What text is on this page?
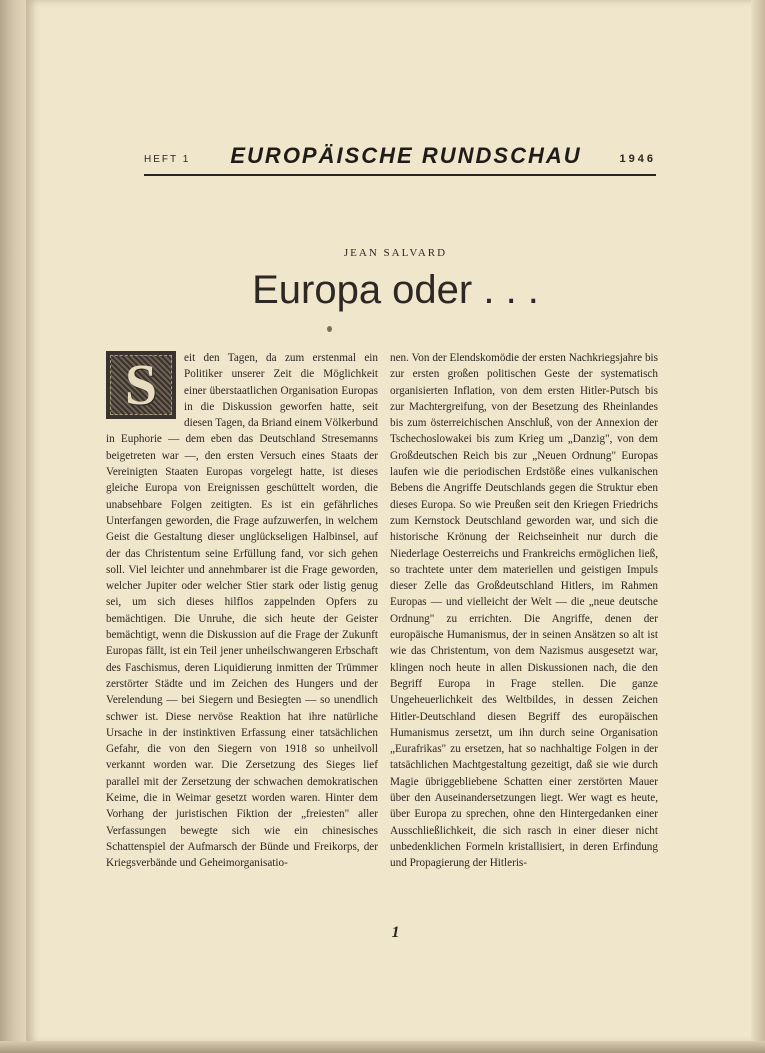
HEFT 1	EUROPÄISCHE RUNDSCHAU	1946
JEAN SALVARD
Europa oder . . .
S eit den Tagen, da zum erstenmal ein Politiker unserer Zeit die Möglichkeit einer überstaatlichen Organisation Europas in die Diskussion geworfen hatte, seit diesen Tagen, da Briand einem Völkerbund in Euphorie — dem eben das Deutschland Stresemanns beigetreten war —, den ersten Versuch eines Staats der Vereinigten Staaten Europas vorgelegt hatte, ist dieses gleiche Europa von Ereignissen geschüttelt worden, die unabsehbare Folgen zeitigten. Es ist ein gefährliches Unterfangen geworden, die Frage aufzuwerfen, in welchem Geist die Gestaltung dieser unglückseligen Halbinsel, auf der das Christentum seine Erfüllung fand, vor sich gehen soll. Viel leichter und annehmbarer ist die Frage geworden, welcher Jupiter oder welcher Stier stark oder listig genug sei, um sich dieses hilflos zappelnden Opfers zu bemächtigen. Die Unruhe, die sich heute der Geister bemächtigt, wenn die Diskussion auf die Frage der Zukunft Europas fällt, ist ein Teil jener unheilschwangeren Erbschaft des Faschismus, deren Liquidierung inmitten der Trümmer zerstörter Städte und im Zeichen des Hungers und der Verelendung — bei Siegern und Besiegten — so unendlich schwer ist. Diese nervöse Reaktion hat ihre natürliche Ursache in der instinktiven Erfassung einer tatsächlichen Gefahr, die von den Siegern von 1918 so unheilvoll verkannt worden war. Die Zersetzung des Sieges lief parallel mit der Zersetzung der schwachen demokratischen Keime, die in Weimar gesetzt worden waren. Hinter dem Vorhang der juristischen Fiktion der „freiesten" aller Verfassungen bewegte sich wie ein chinesisches Schattenspiel der Aufmarsch der Bünde und Freikorps, der Kriegsverbände und Geheimorganisatio-
nen. Von der Elendskomödie der ersten Nachkriegsjahre bis zur ersten großen politischen Geste der systematisch organisierten Inflation, von dem ersten Hitler-Putsch bis zur Machtergreifung, von der Besetzung des Rheinlandes bis zum österreichischen Anschluß, von der Annexion der Tschechoslowakei bis zum Krieg um „Danzig", von dem Großdeutschen Reich bis zur „Neuen Ordnung" Europas laufen wie die periodischen Erdstöße eines vulkanischen Bebens die Angriffe Deutschlands gegen die Struktur eben dieses Europa. So wie Preußen seit den Kriegen Friedrichs zum Kernstock Deutschland geworden war, und sich die historische Krönung der Reichseinheit nur durch die Niederlage Oesterreichs und Frankreichs ermöglichen ließ, so trachtete unter dem materiellen und geistigen Impuls dieser Zelle das Großdeutschland Hitlers, im Rahmen Europas — und vielleicht der Welt — die „neue deutsche Ordnung" zu errichten. Die Angriffe, denen der europäische Humanismus, der in seinen Ansätzen so alt ist wie das Christentum, von dem Nazismus ausgesetzt war, klingen noch heute in allen Diskussionen nach, die den Begriff Europa in Frage stellen. Die ganze Ungeheuerlichkeit des Weltbildes, in dessen Zeichen Hitler-Deutschland diesen Begriff des europäischen Humanismus zersetzt, um ihn durch seine Organisation „Eurafrikas" zu ersetzen, hat so nachhaltige Folgen in der tatsächlichen Machtgestaltung gezeitigt, daß sie wie durch Magie übriggebliebene Schatten einer zerstörten Mauer über den Auseinandersetzungen liegt. Wer wagt es heute, über Europa zu sprechen, ohne den Hintergedanken einer Ausschließlichkeit, die sich rasch in einer dieser nicht unbedenklichen Formeln kristallisiert, in deren Erfindung und Propagierung der Hitleris-
1
